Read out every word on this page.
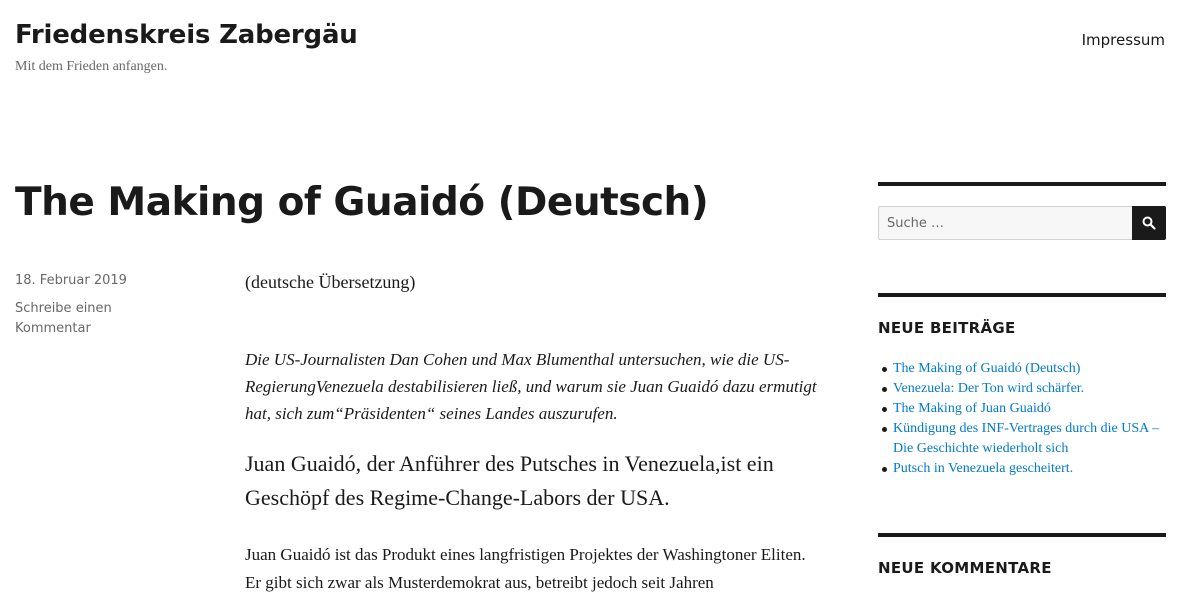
Friedenskreis Zabergäu
Mit dem Frieden anfangen.
Impressum
The Making of Guaidó (Deutsch)
18. Februar 2019
Schreibe einen Kommentar

(deutsche Übersetzung)

Die US-Journalisten Dan Cohen und Max Blumenthal untersuchen, wie die US-RegierungVenezuela destabilisieren ließ, und warum sie Juan Guaidó dazu ermutigt hat, sich zum“Präsidenten“ seines Landes auszurufen.

Juan Guaidó, der Anführer des Putsches in Venezuela,ist ein Geschöpf des Regime-Change-Labors der USA.

Juan Guaidó ist das Produkt eines langfristigen Projektes der Washingtoner Eliten. Er gibt sich zwar als Musterdemokrat aus, betreibt jedoch seit Jahren

Suche …
NEUE BEITRÄGE
The Making of Guaidó (Deutsch)
Venezuela: Der Ton wird schärfer.
The Making of Juan Guaidó
Kündigung des INF-Vertrages durch die USA – Die Geschichte wiederholt sich
Putsch in Venezuela gescheitert.
NEUE KOMMENTARE
